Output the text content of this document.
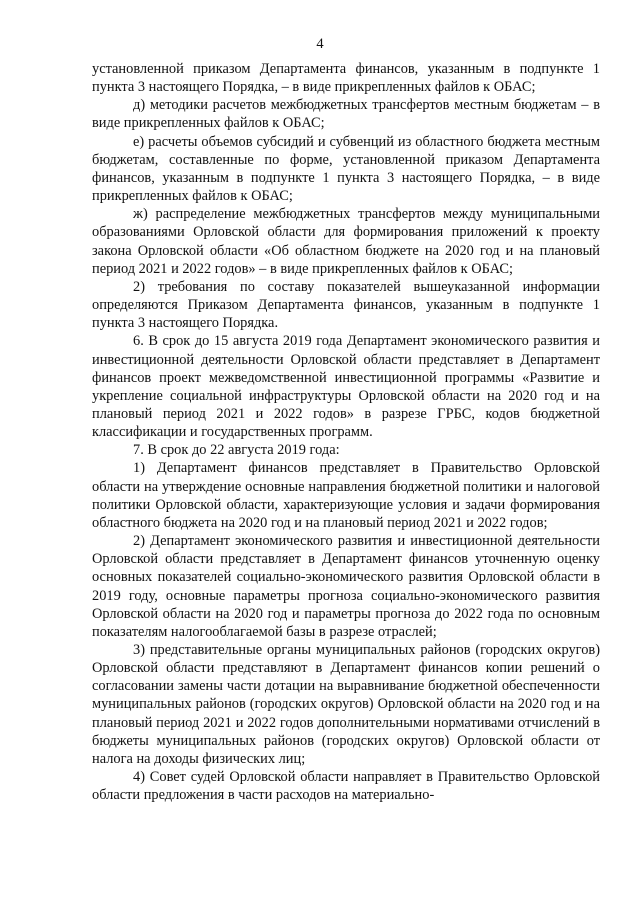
4

установленной приказом Департамента финансов, указанным в подпункте 1 пункта 3 настоящего Порядка, – в виде прикрепленных файлов к ОБАС;

д) методики расчетов межбюджетных трансфертов местным бюджетам – в виде прикрепленных файлов к ОБАС;

е) расчеты объемов субсидий и субвенций из областного бюджета местным бюджетам, составленные по форме, установленной приказом Департамента финансов, указанным в подпункте 1 пункта 3 настоящего Порядка, – в виде прикрепленных файлов к ОБАС;

ж) распределение межбюджетных трансфертов между муниципальными образованиями Орловской области для формирования приложений к проекту закона Орловской области «Об областном бюджете на 2020 год и на плановый период 2021 и 2022 годов» – в виде прикрепленных файлов к ОБАС;

2) требования по составу показателей вышеуказанной информации определяются Приказом Департамента финансов, указанным в подпункте 1 пункта 3 настоящего Порядка.

6. В срок до 15 августа 2019 года Департамент экономического развития и инвестиционной деятельности Орловской области представляет в Департамент финансов проект межведомственной инвестиционной программы «Развитие и укрепление социальной инфраструктуры Орловской области на 2020 год и на плановый период 2021 и 2022 годов» в разрезе ГРБС, кодов бюджетной классификации и государственных программ.

7. В срок до 22 августа 2019 года:

1) Департамент финансов представляет в Правительство Орловской области на утверждение основные направления бюджетной политики и налоговой политики Орловской области, характеризующие условия и задачи формирования областного бюджета на 2020 год и на плановый период 2021 и 2022 годов;

2) Департамент экономического развития и инвестиционной деятельности Орловской области представляет в Департамент финансов уточненную оценку основных показателей социально-экономического развития Орловской области в 2019 году, основные параметры прогноза социально-экономического развития Орловской области на 2020 год и параметры прогноза до 2022 года по основным показателям налогооблагаемой базы в разрезе отраслей;

3) представительные органы муниципальных районов (городских округов) Орловской области представляют в Департамент финансов копии решений о согласовании замены части дотации на выравнивание бюджетной обеспеченности муниципальных районов (городских округов) Орловской области на 2020 год и на плановый период 2021 и 2022 годов дополнительными нормативами отчислений в бюджеты муниципальных районов (городских округов) Орловской области от налога на доходы физических лиц;

4) Совет судей Орловской области направляет в Правительство Орловской области предложения в части расходов на материально-
